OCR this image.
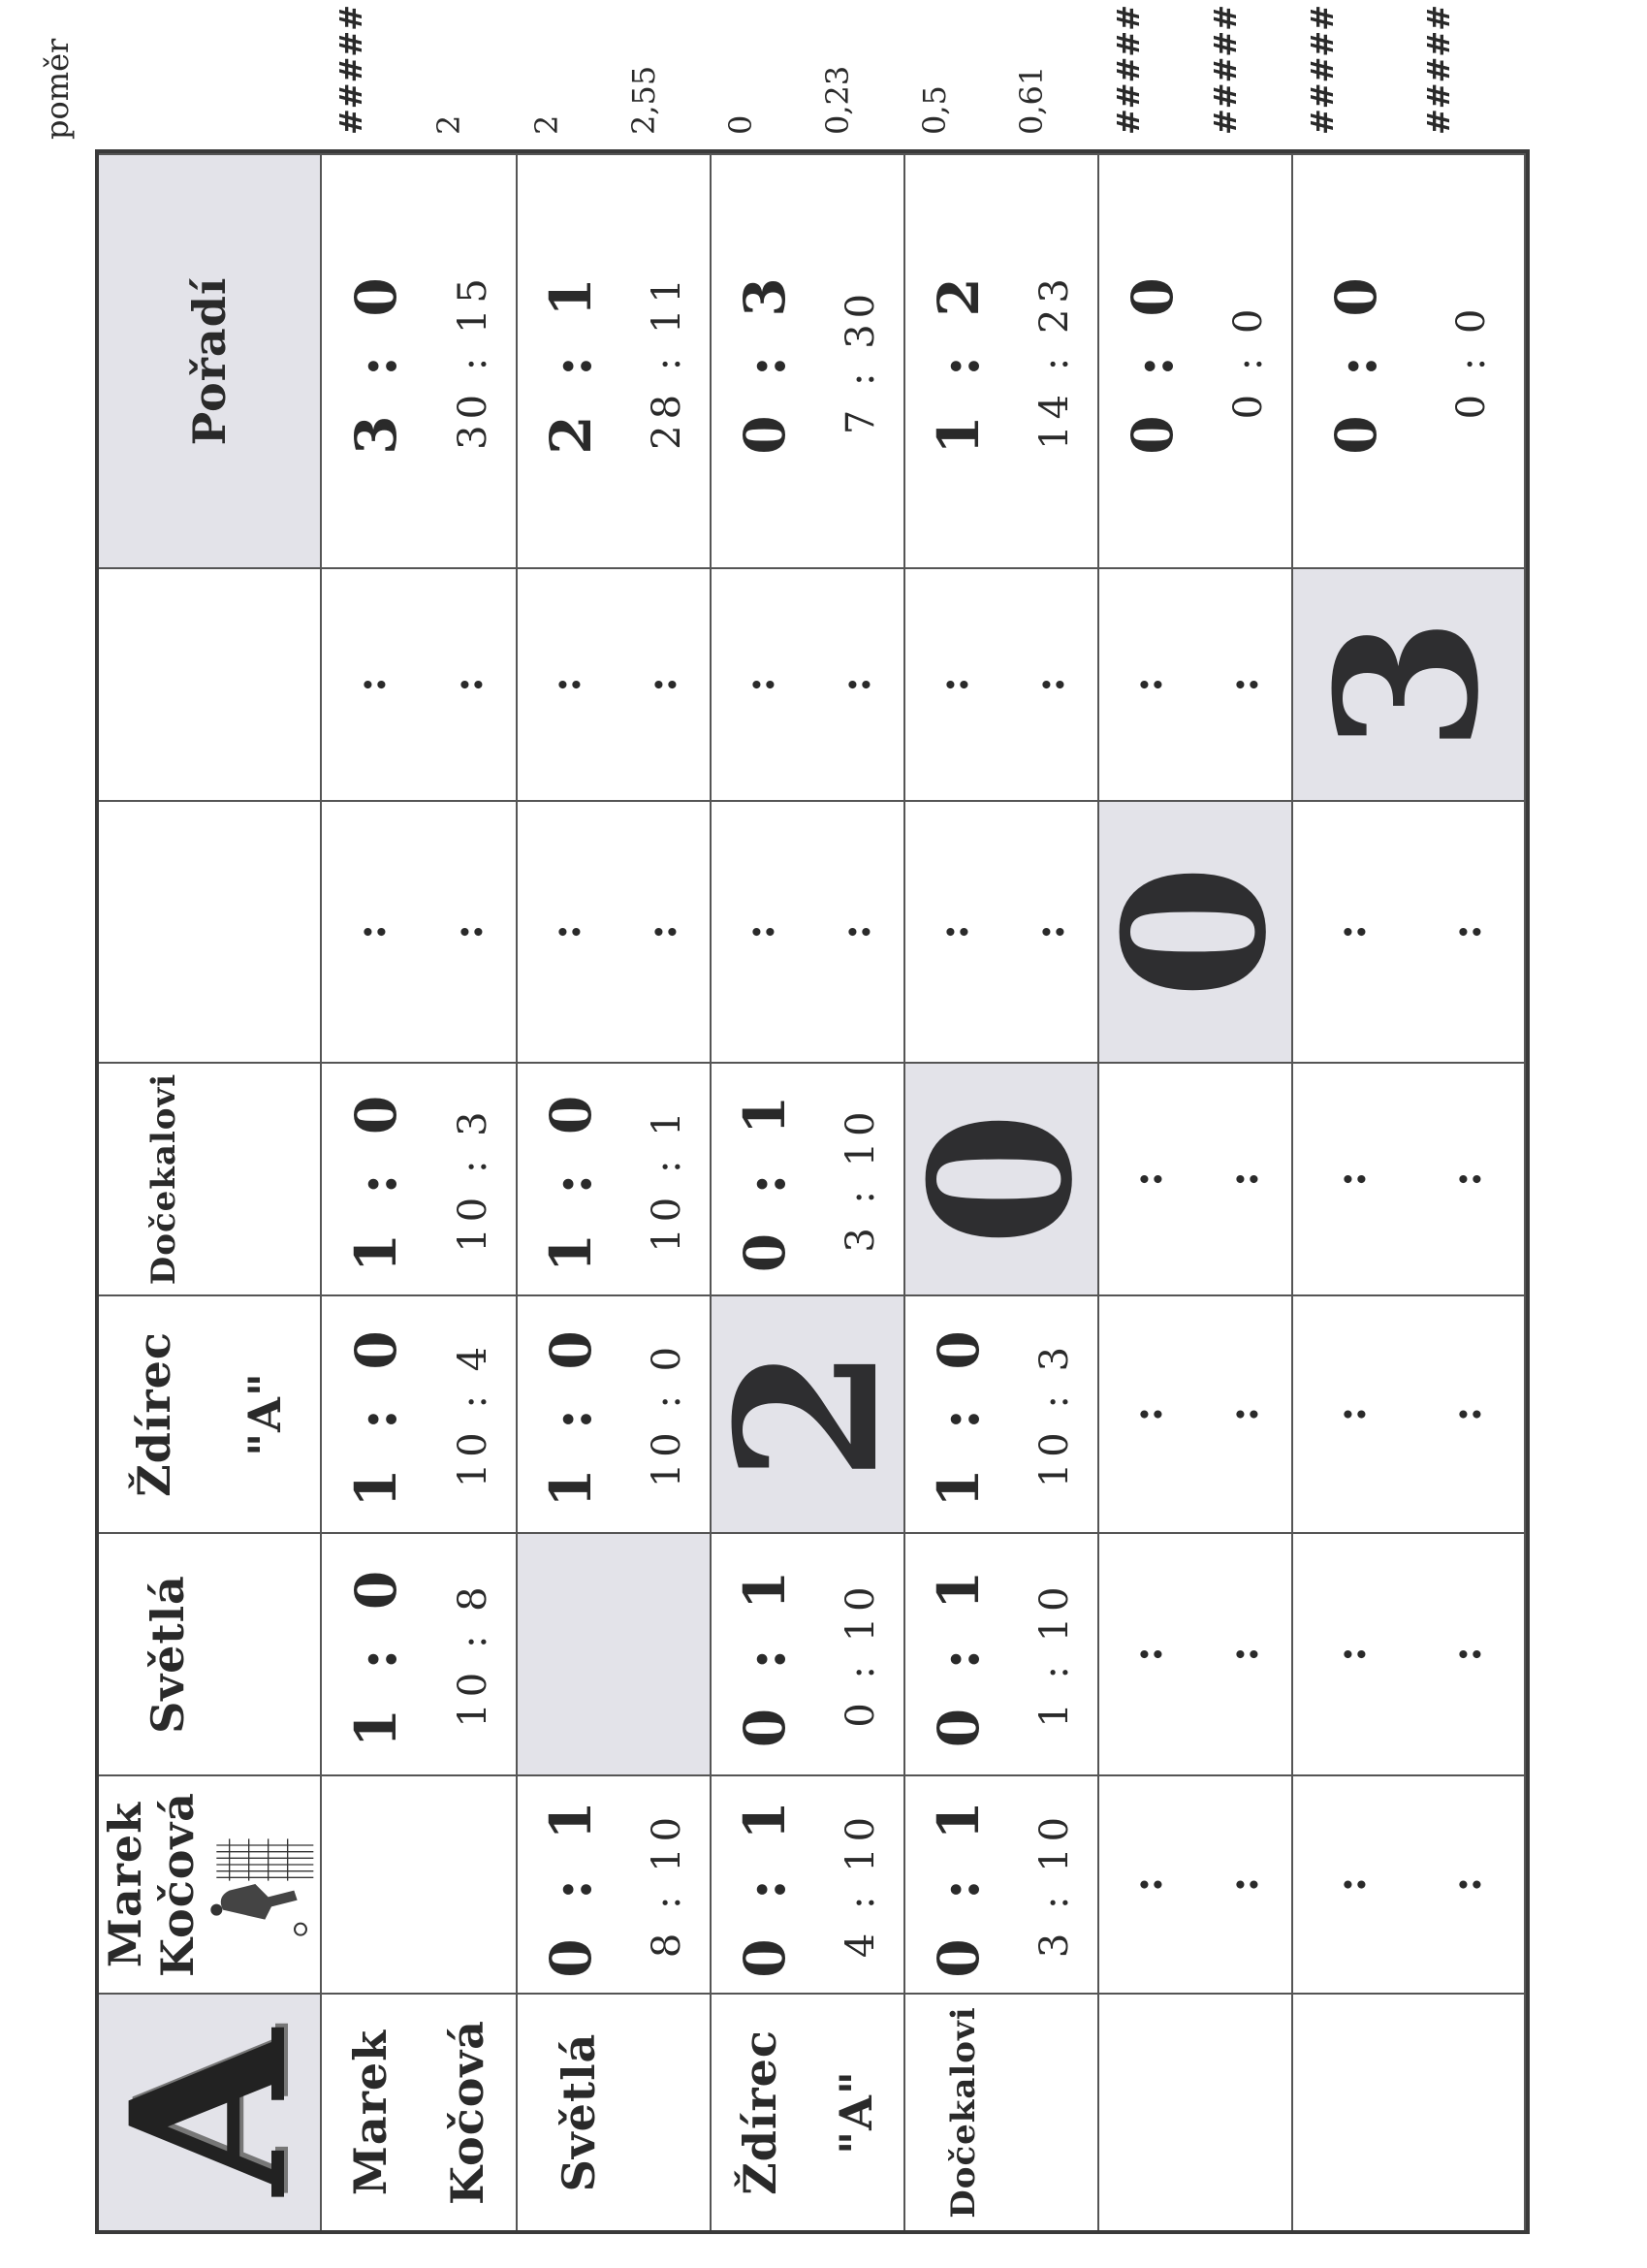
A
Marek Kočová
Světlá
Ždírec "A"
Dočekalovi
Pořadí
Marek Kočová
1 : 0 10 : 8
1 : 0 10 : 4
1 : 0 10 : 3
: :
: :
3 : 0 30 : 15
Světlá
0 : 1 8 : 10
1 : 0 10 : 0
1 : 0 10 : 1
: :
: :
2 : 1 28 : 11
Ždírec "A"
0 : 1 4 : 10
0 : 1 0 : 10
2
0 : 1 3 : 10
: :
: :
0 : 3 7 : 30
Dočekalovi
0 : 1 3 : 10
0 : 1 1 : 10
1 : 0 10 : 3
0
: :
: :
1 : 2 14 : 23
: :
: :
: :
: :
0
: :
0 : 0 0 : 0
: :
: :
: :
: :
: :
3
0 : 0 0 : 0
poměr	##### 2 2 2,55 0 0,23 0,5 0,61 ##### ##### #####	#####
